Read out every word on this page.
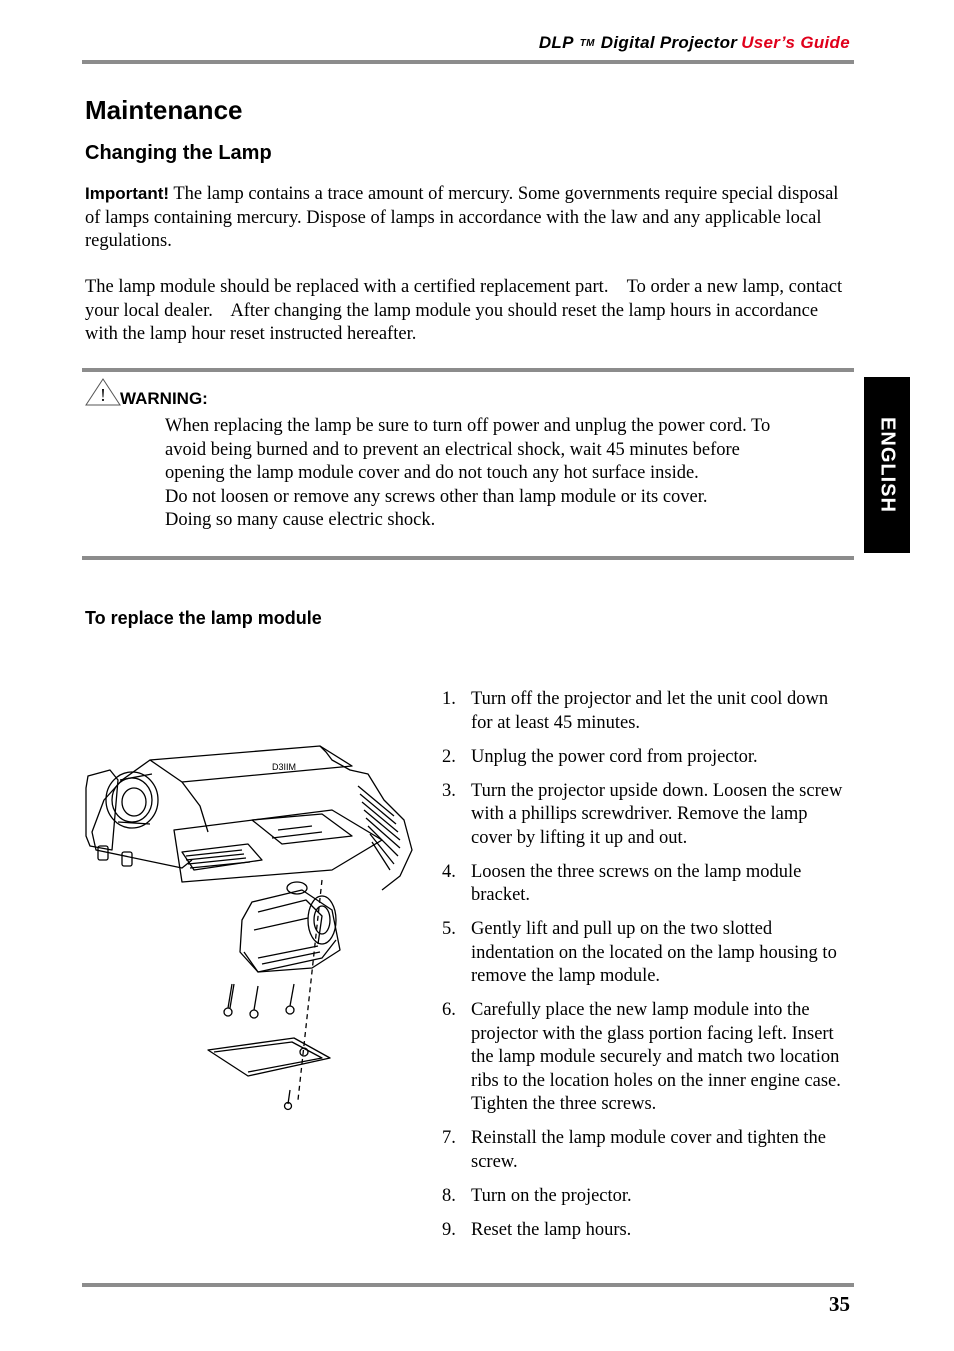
DLP TM Digital Projector User’s Guide
Maintenance
Changing the Lamp
Important! The lamp contains a trace amount of mercury. Some governments require special disposal of lamps containing mercury. Dispose of lamps in accordance with the law and any applicable local regulations.
The lamp module should be replaced with a certified replacement part.    To order a new lamp, contact your local dealer.    After changing the lamp module you should reset the lamp hours in accordance with the lamp hour reset instructed hereafter.
! WARNING:
When replacing the lamp be sure to turn off power and unplug the power cord. To
avoid being burned and to prevent an electrical shock, wait 45 minutes before
opening the lamp module cover and do not touch any hot surface inside.
Do not loosen or remove any screws other than lamp module or its cover.
Doing so many cause electric shock.
ENGLISH
To replace the lamp module
D3IIM
1. Turn off the projector and let the unit cool down for at least 45 minutes.
2. Unplug the power cord from projector.
3. Turn the projector upside down. Loosen the screw with a phillips screwdriver. Remove the lamp cover by lifting it up and out.
4. Loosen the three screws on the lamp module bracket.
5. Gently lift and pull up on the two slotted indentation on the located on the lamp housing to remove the lamp module.
6. Carefully place the new lamp module into the projector with the glass portion facing left. Insert the lamp module securely and match two location ribs to the location holes on the inner engine case. Tighten the three screws.
7. Reinstall the lamp module cover and tighten the screw.
8. Turn on the projector.
9. Reset the lamp hours.
35
